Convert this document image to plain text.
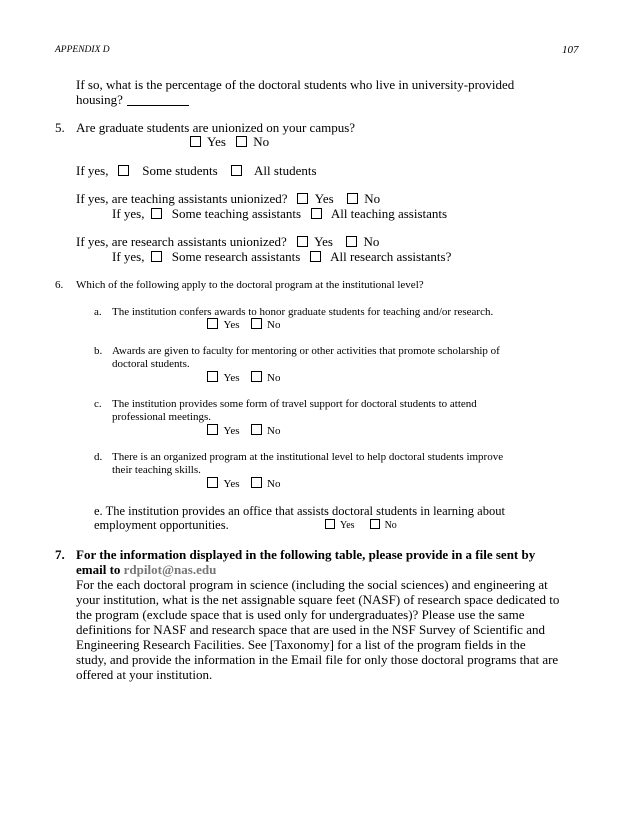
APPENDIX D	107
If so, what is the percentage of the doctoral students who live in university-provided
housing?
5. Are graduate students are unionized on your campus?
Yes No
If yes,	Some students	All students
If yes, are teaching assistants unionized? Yes No
If yes, Some teaching assistants All teaching assistants
If yes, are research assistants unionized? Yes No
If yes, Some research assistants All research assistants?
6. Which of the following apply to the doctoral program at the institutional level?
a. The institution confers awards to honor graduate students for teaching and/or research.
Yes	No
b. Awards are given to faculty for mentoring or other activities that promote scholarship of
doctoral students.
Yes	No
c. The institution provides some form of travel support for doctoral students to attend
professional meetings.
Yes	No
d. There is an organized program at the institutional level to help doctoral students improve
their teaching skills.
Yes	No
e. The institution provides an office that assists doctoral students in learning about
employment opportunities.	Yes	No
7. For the information displayed in the following table, please provide in a file sent by
email to rdpilot@nas.edu
For the each doctoral program in science (including the social sciences) and engineering at
your institution, what is the net assignable square feet (NASF) of research space dedicated to
the program (exclude space that is used only for undergraduates)? Please use the same
definitions for NASF and research space that are used in the NSF Survey of Scientific and
Engineering Research Facilities. See [Taxonomy] for a list of the program fields in the
study, and provide the information in the Email file for only those doctoral programs that are
offered at your institution.
